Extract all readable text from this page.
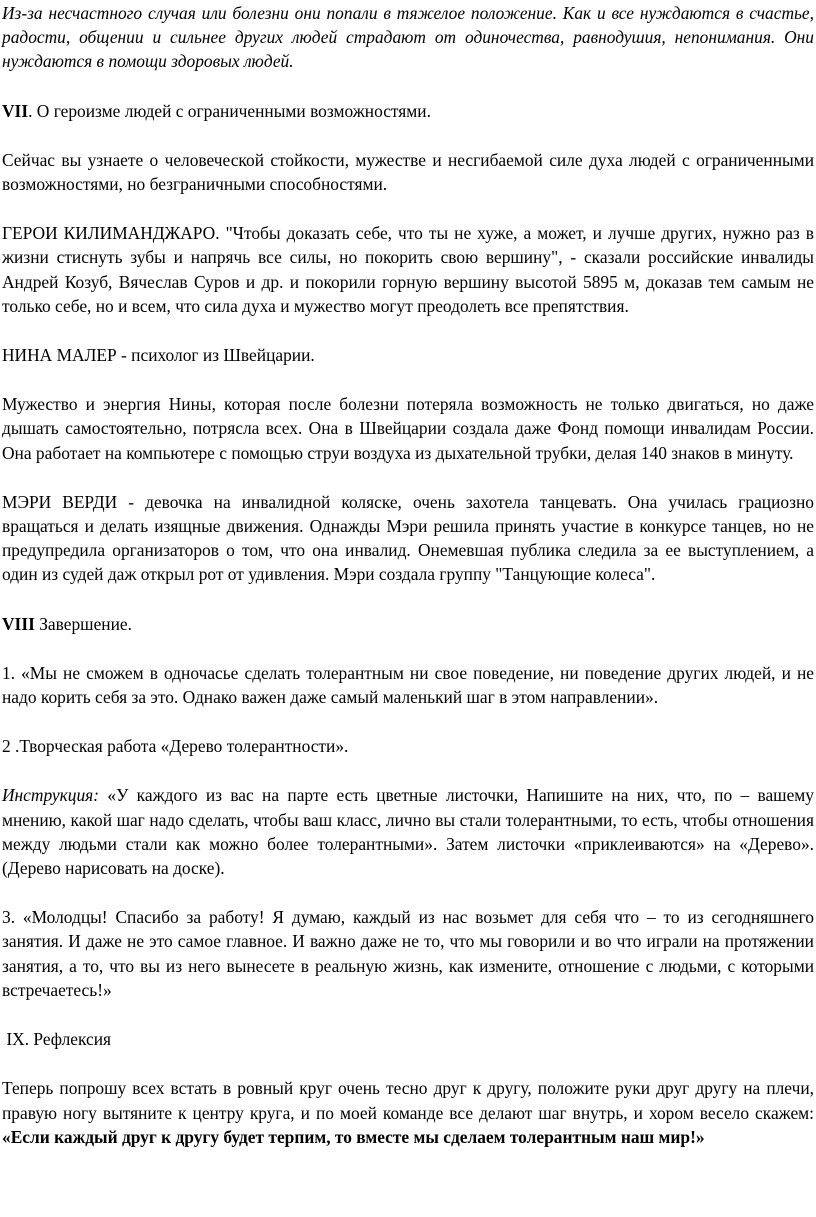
Из-за несчастного случая или болезни они попали в тяжелое положение. Как и все нуждаются в счастье, радости, общении и сильнее других людей страдают от одиночества, равнодушия, непонимания. Они нуждаются в помощи здоровых людей.

VII. О героизме людей с ограниченными возможностями.

Сейчас вы узнаете о человеческой стойкости, мужестве и несгибаемой силе духа людей с ограниченными возможностями, но безграничными способностями.

ГЕРОИ КИЛИМАНДЖАРО. "Чтобы доказать себе, что ты не хуже, а может, и лучше других, нужно раз в жизни стиснуть зубы и напрячь все силы, но покорить свою вершину", - сказали российские инвалиды Андрей Козуб, Вячеслав Суров и др. и покорили горную вершину высотой 5895 м, доказав тем самым не только себе, но и всем, что сила духа и мужество могут преодолеть все препятствия.

НИНА МАЛЕР - психолог из Швейцарии.

Мужество и энергия Нины, которая после болезни потеряла возможность не только двигаться, но даже дышать самостоятельно, потрясла всех. Она в Швейцарии создала даже Фонд помощи инвалидам России. Она работает на компьютере с помощью струи воздуха из дыхательной трубки, делая 140 знаков в минуту.

МЭРИ ВЕРДИ - девочка на инвалидной коляске, очень захотела танцевать. Она училась грациозно вращаться и делать изящные движения. Однажды Мэри решила принять участие в конкурсе танцев, но не предупредила организаторов о том, что она инвалид. Онемевшая публика следила за ее выступлением, а один из судей даж открыл рот от удивления. Мэри создала группу "Танцующие колеса".

VIII Завершение.

1. «Мы не сможем в одночасье сделать толерантным ни свое поведение, ни поведение других людей, и не надо корить себя за это. Однако важен даже самый маленький шаг в этом направлении».

2 .Творческая работа «Дерево толерантности».

Инструкция: «У каждого из вас на парте есть цветные листочки, Напишите на них, что, по – вашему мнению, какой шаг надо сделать, чтобы ваш класс, лично вы стали толерантными, то есть, чтобы отношения между людьми стали как можно более толерантными». Затем листочки «приклеиваются» на «Дерево». (Дерево нарисовать на доске).

3. «Молодцы! Спасибо за работу! Я думаю, каждый из нас возьмет для себя что – то из сегодняшнего занятия. И даже не это самое главное. И важно даже не то, что мы говорили и во что играли на протяжении занятия, а то, что вы из него вынесете в реальную жизнь, как измените, отношение с людьми, с которыми встречаетесь!»

IX. Рефлексия

Теперь попрошу всех встать в ровный круг очень тесно друг к другу, положите руки друг другу на плечи, правую ногу вытяните к центру круга, и по моей команде все делают шаг внутрь, и хором весело скажем: «Если каждый друг к другу будет терпим, то вместе мы сделаем толерантным наш мир!»
